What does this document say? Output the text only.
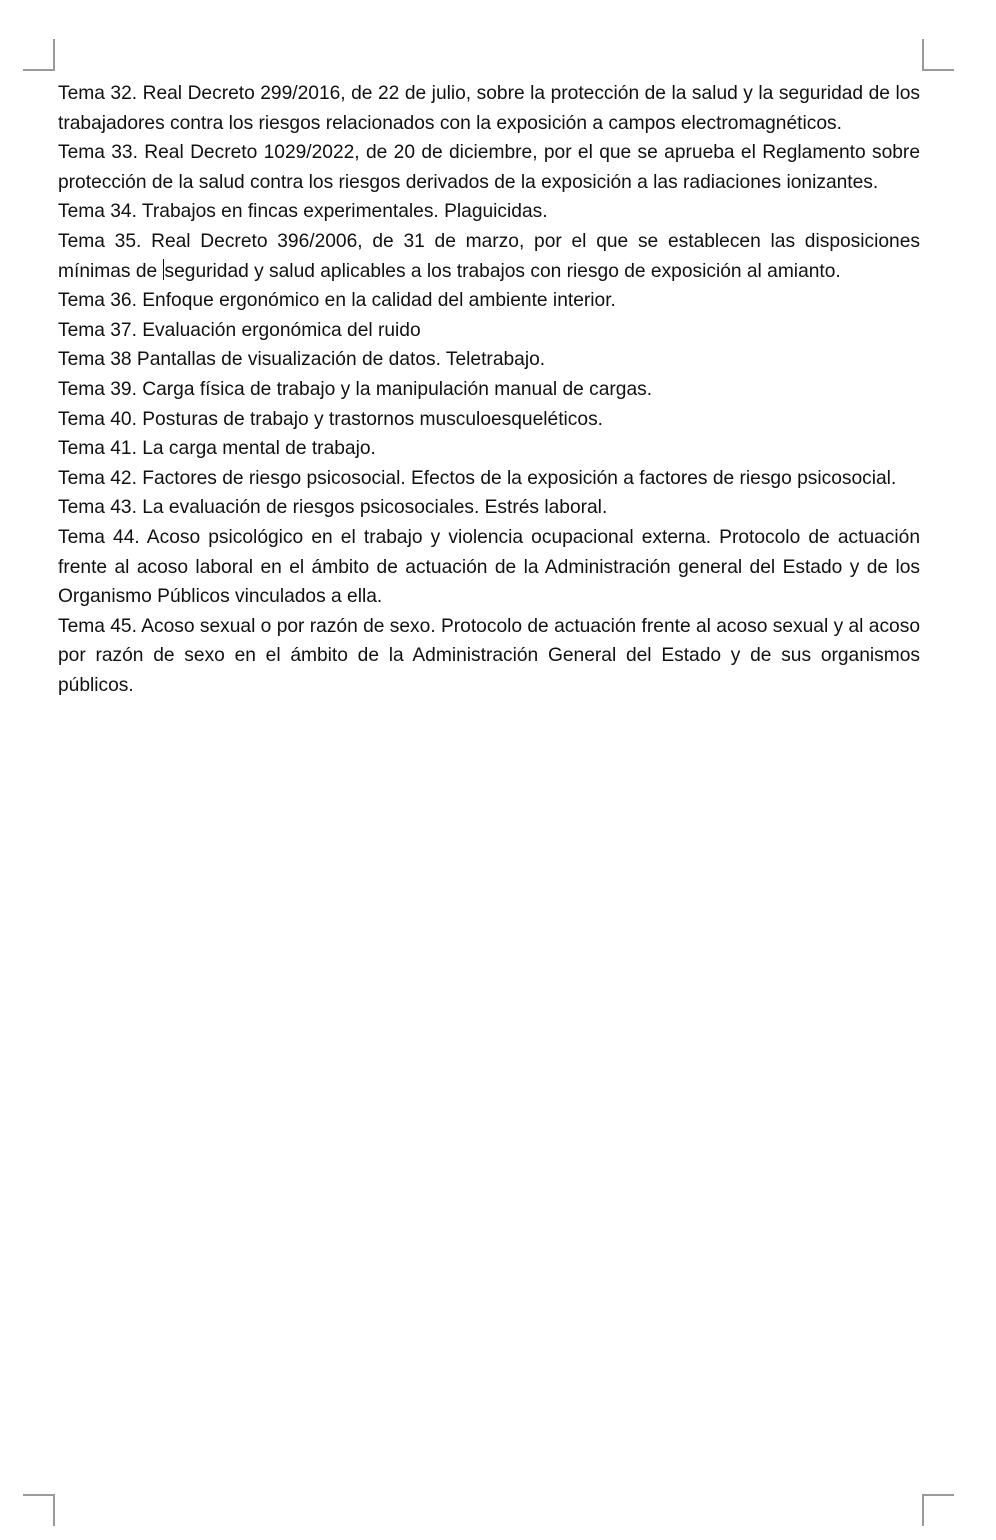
Tema 32. Real Decreto 299/2016, de 22 de julio, sobre la protección de la salud y la seguridad de los trabajadores contra los riesgos relacionados con la exposición a campos electromagnéticos.

Tema 33. Real Decreto 1029/2022, de 20 de diciembre, por el que se aprueba el Reglamento sobre protección de la salud contra los riesgos derivados de la exposición a las radiaciones ionizantes.

Tema 34. Trabajos en fincas experimentales. Plaguicidas.

Tema 35. Real Decreto 396/2006, de 31 de marzo, por el que se establecen las disposiciones mínimas de seguridad y salud aplicables a los trabajos con riesgo de exposición al amianto.

Tema 36. Enfoque ergonómico en la calidad del ambiente interior.

Tema 37. Evaluación ergonómica del ruido

Tema 38 Pantallas de visualización de datos. Teletrabajo.

Tema 39. Carga física de trabajo y la manipulación manual de cargas.

Tema 40. Posturas de trabajo y trastornos musculoesqueléticos.

Tema 41. La carga mental de trabajo.

Tema 42. Factores de riesgo psicosocial. Efectos de la exposición a factores de riesgo psicosocial.

Tema 43. La evaluación de riesgos psicosociales. Estrés laboral.

Tema 44. Acoso psicológico en el trabajo y violencia ocupacional externa. Protocolo de actuación frente al acoso laboral en el ámbito de actuación de la Administración general del Estado y de los Organismo Públicos vinculados a ella.

Tema 45. Acoso sexual o por razón de sexo. Protocolo de actuación frente al acoso sexual y al acoso por razón de sexo en el ámbito de la Administración General del Estado y de sus organismos públicos.
